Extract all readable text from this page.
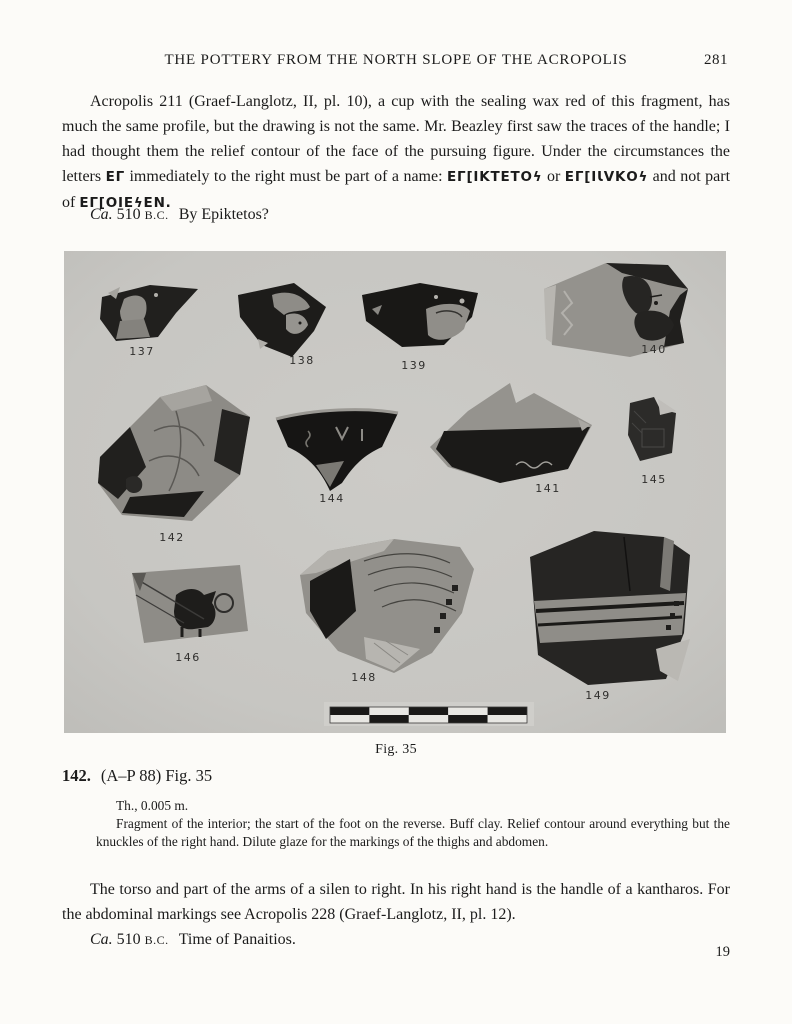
THE POTTERY FROM THE NORTH SLOPE OF THE ACROPOLIS	281

Acropolis 211 (Graef-Langlotz, II, pl. 10), a cup with the sealing wax red of this fragment, has much the same profile, but the drawing is not the same. Mr. Beazley first saw the traces of the handle; I had thought them the relief contour of the face of the pursuing figure. Under the circumstances the letters ΕΓ immediately to the right must be part of a name: ΕΓ[ΙΚΤΕΤΟϟ or ΕΓ[ΙƖVΚΟϟ and not part of ΕΓ[ΟΙΕϟΕΝ.

Ca. 510 B.C. By Epiktetos?

137
138	139
140
142
144
141
145
146
148
149

Fig. 35

142. (A–P 88) Fig. 35

Th., 0.005 m.

Fragment of the interior; the start of the foot on the reverse. Buff clay. Relief contour around everything but the knuckles of the right hand. Dilute glaze for the markings of the thighs and abdomen.

The torso and part of the arms of a silen to right. In his right hand is the handle of a kantharos. For the abdominal markings see Acropolis 228 (Graef-Langlotz, II, pl. 12).

Ca. 510 B.C. Time of Panaitios.

19
